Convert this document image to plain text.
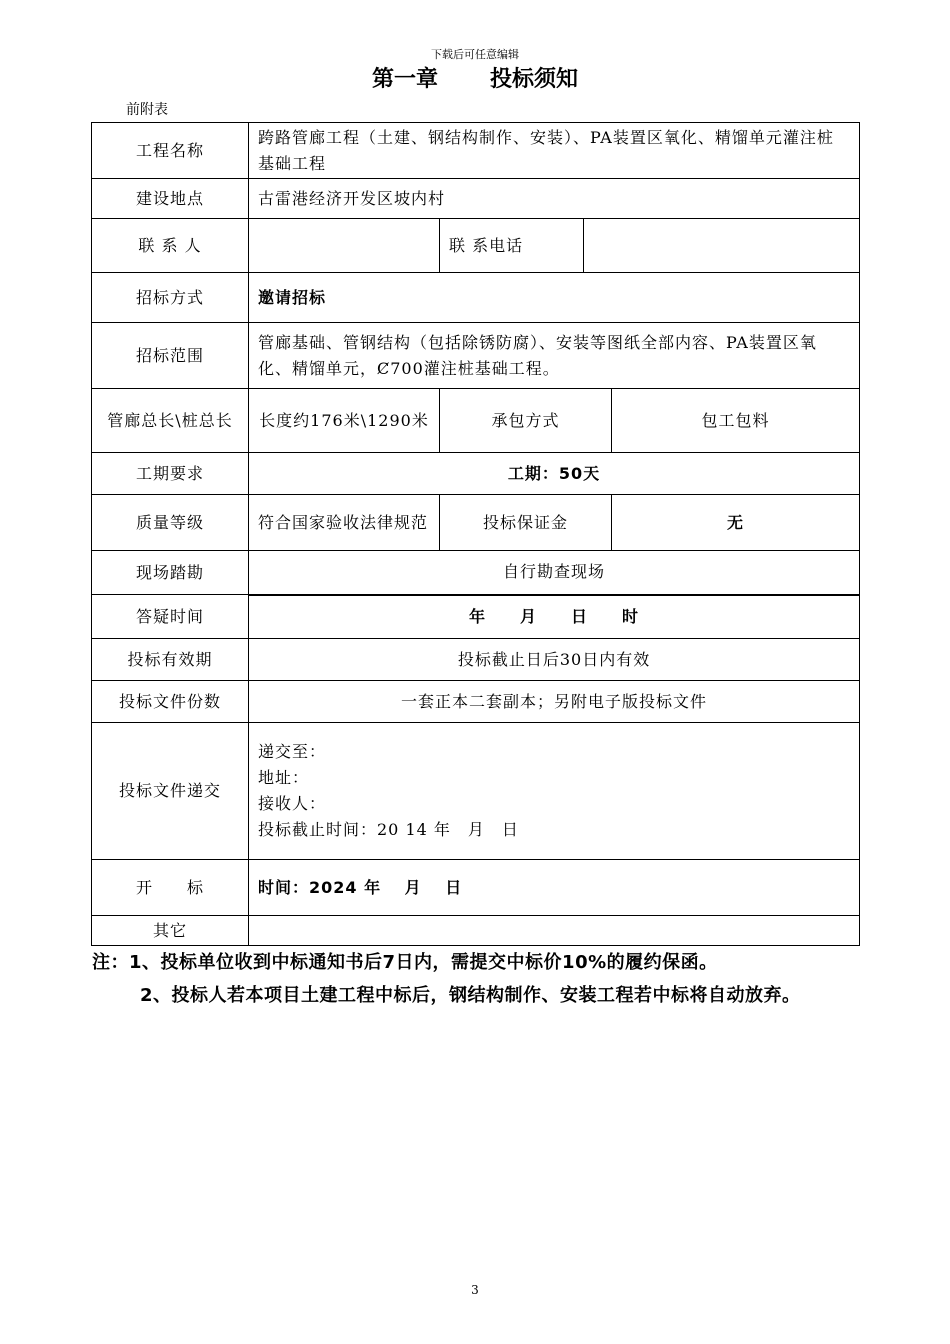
下载后可任意编辑
第一章 投标须知
前附表
工程名称	跨路管廊工程（土建、钢结构制作、安装）、PA装置区氧化、精馏单元灌注桩基础工程			
建设地点	古雷港经济开发区坡内村			
联 系 人		联 系电话		
招标方式	邀请招标			
招标范围	管廊基础、管钢结构（包括除锈防腐）、安装等图纸全部内容、PA装置区氧化、精馏单元，Ȼ700灌注桩基础工程。			
管廊总长\桩总长	长度约176米\1290米	承包方式		包工包料
工期要求	工期：50天			
质量等级	符合国家验收法律规范	投标保证金		无
现场踏勘	自行勘查现场			
答疑时间	年　　月　　日　　时			
投标有效期	投标截止日后30日内有效			
投标文件份数	一套正本二套副本；另附电子版投标文件			
投标文件递交	递交至：
地址：
接收人：
投标截止时间：20 14 年　月　日			

开　　标	时间：2024 年　 月　 日			
其它				

注：1、投标单位收到中标通知书后7日内，需提交中标价10%的履约保函。

2、投标人若本项目土建工程中标后，钢结构制作、安装工程若中标将自动放弃。

3
